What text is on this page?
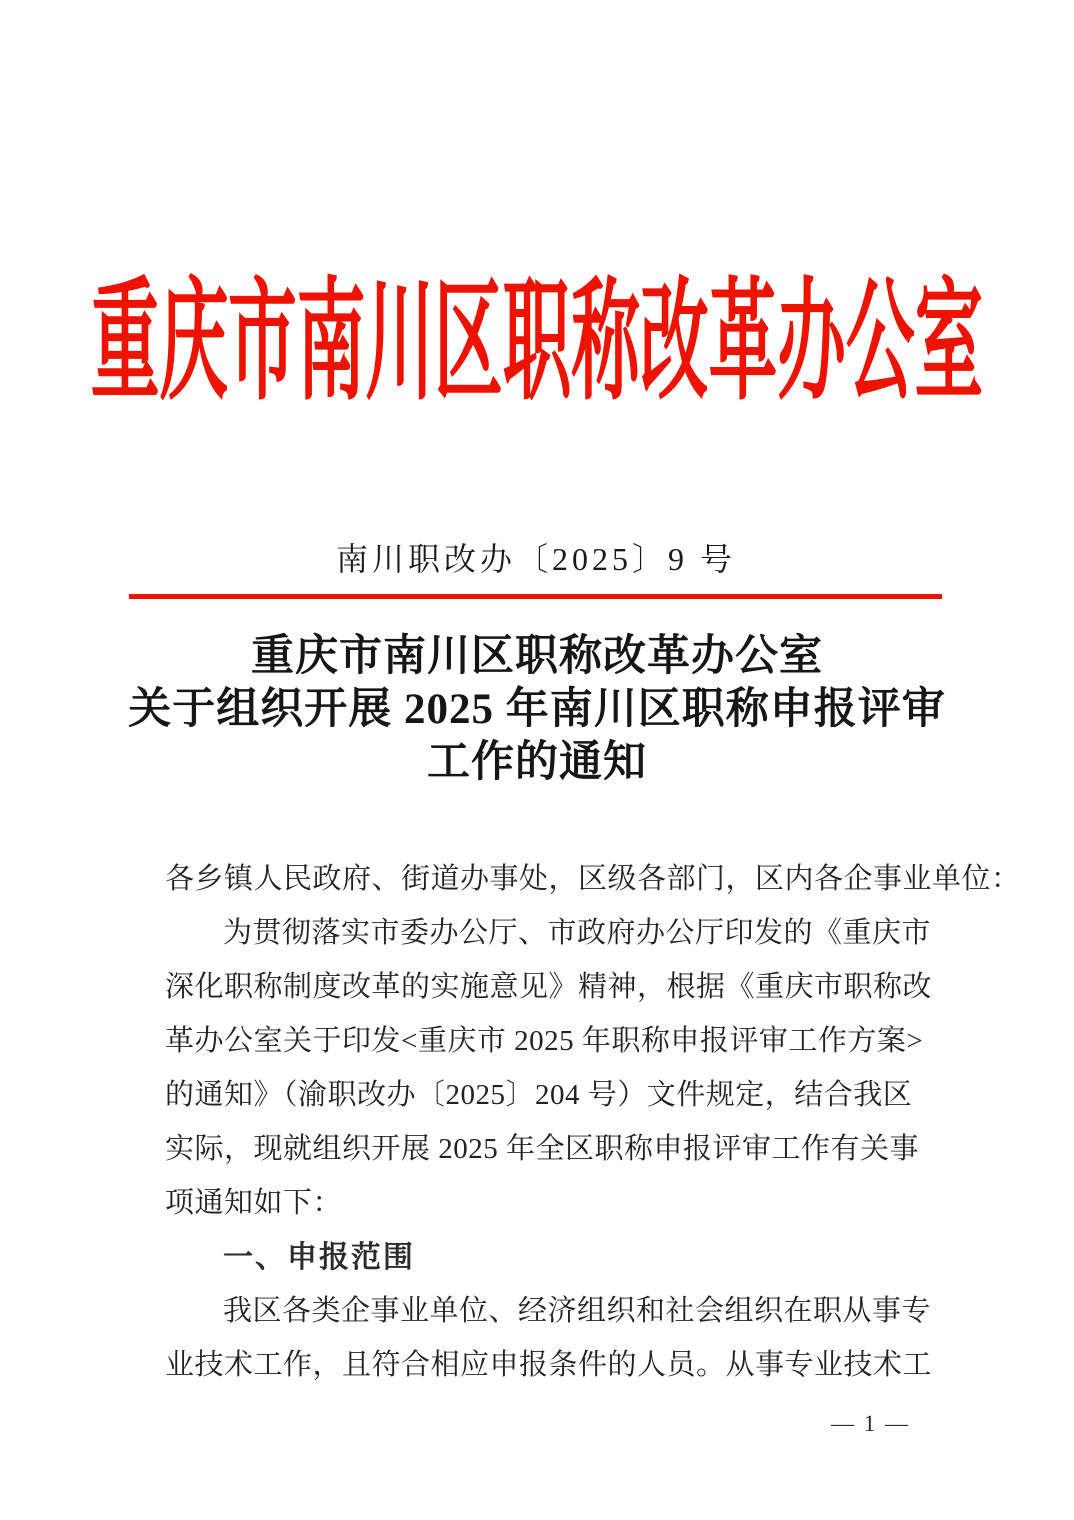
重庆市南川区职称改革办公室
南川职改办〔2025〕9 号
重庆市南川区职称改革办公室
关于组织开展 2025 年南川区职称申报评审
工作的通知
各乡镇人民政府、街道办事处，区级各部门，区内各企事业单位：
为贯彻落实市委办公厅、市政府办公厅印发的《重庆市
深化职称制度改革的实施意见》精神，根据《重庆市职称改
革办公室关于印发<重庆市 2025 年职称申报评审工作方案>
的通知》（渝职改办〔2025〕204 号）文件规定，结合我区
实际，现就组织开展 2025 年全区职称申报评审工作有关事
项通知如下：
一、申报范围
我区各类企事业单位、经济组织和社会组织在职从事专
业技术工作，且符合相应申报条件的人员。从事专业技术工
— 1 —
